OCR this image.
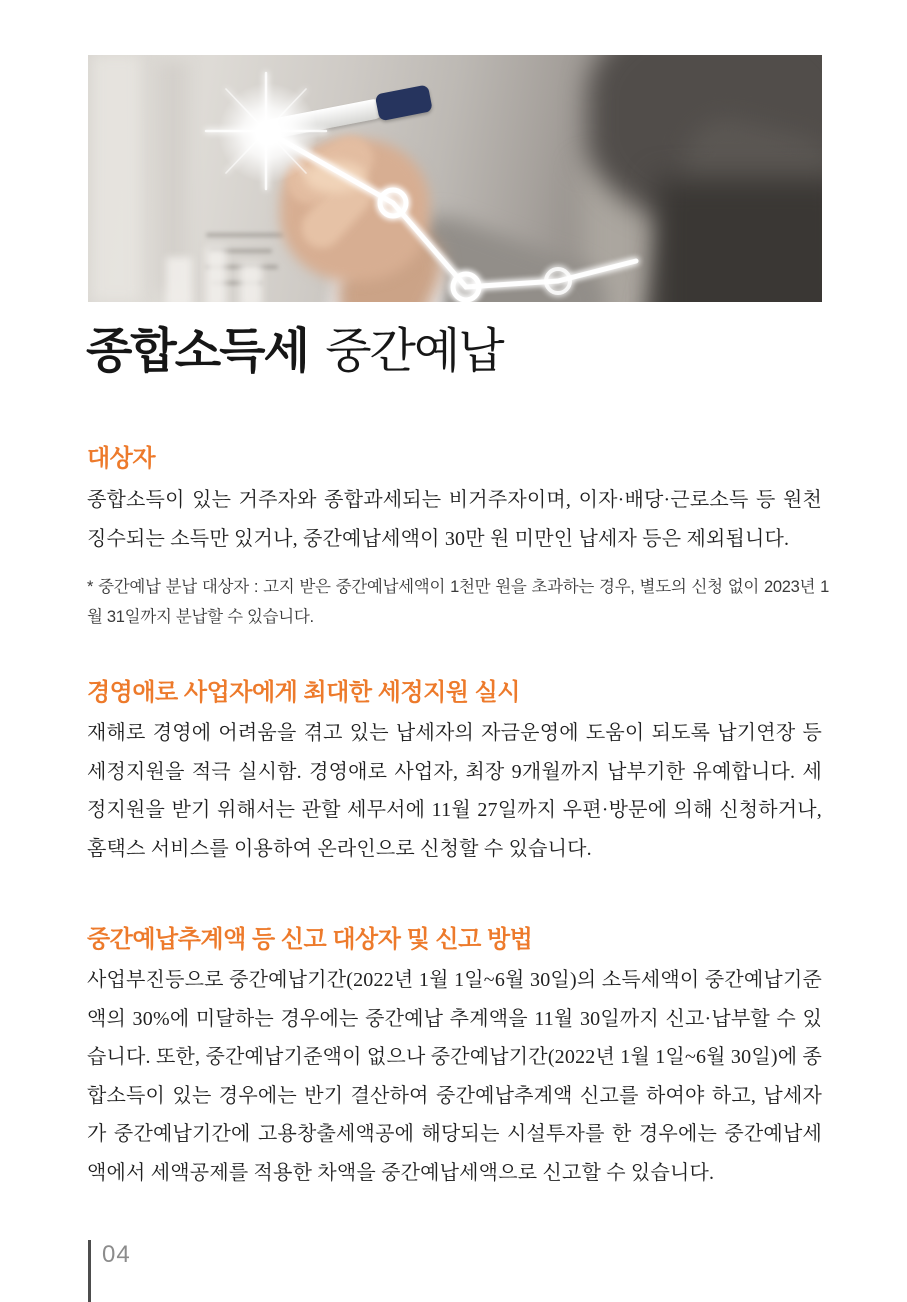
종합소득세 중간예납
대상자
종합소득이 있는 거주자와 종합과세되는 비거주자이며, 이자·배당·근로소득 등 원천징수되는 소득만 있거나, 중간예납세액이 30만 원 미만인 납세자 등은 제외됩니다.
* 중간예납 분납 대상자 : 고지 받은 중간예납세액이 1천만 원을 초과하는 경우, 별도의 신청 없이 2023년 1월 31일까지 분납할 수 있습니다.
경영애로 사업자에게 최대한 세정지원 실시
재해로 경영에 어려움을 겪고 있는 납세자의 자금운영에 도움이 되도록 납기연장 등 세정지원을 적극 실시함. 경영애로 사업자, 최장 9개월까지 납부기한 유예합니다. 세정지원을 받기 위해서는 관할 세무서에 11월 27일까지 우편·방문에 의해 신청하거나, 홈택스 서비스를 이용하여 온라인으로 신청할 수 있습니다.
중간예납추계액 등 신고 대상자 및 신고 방법
사업부진등으로 중간예납기간(2022년 1월 1일~6월 30일)의 소득세액이 중간예납기준액의 30%에 미달하는 경우에는 중간예납 추계액을 11월 30일까지 신고·납부할 수 있습니다. 또한, 중간예납기준액이 없으나 중간예납기간(2022년 1월 1일~6월 30일)에 종합소득이 있는 경우에는 반기 결산하여 중간예납추계액 신고를 하여야 하고, 납세자가 중간예납기간에 고용창출세액공에 해당되는 시설투자를 한 경우에는 중간예납세액에서 세액공제를 적용한 차액을 중간예납세액으로 신고할 수 있습니다.
04
